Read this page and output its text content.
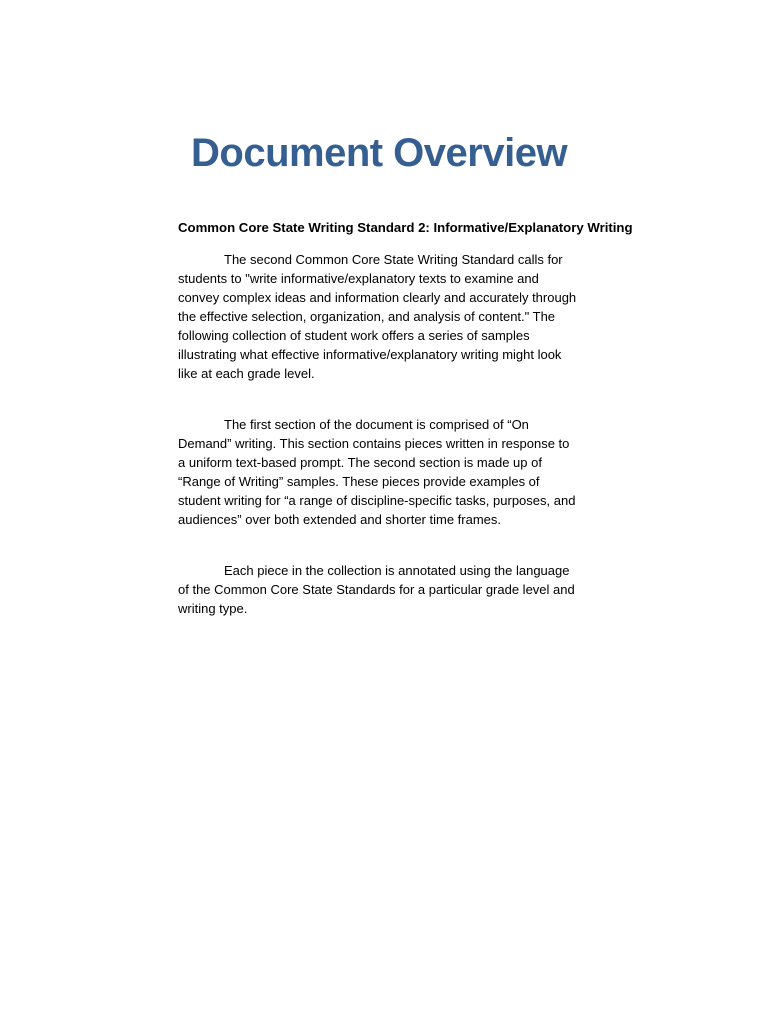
Document Overview

Common Core State Writing Standard 2: Informative/Explanatory Writing

The second Common Core State Writing Standard calls for students to "write informative/explanatory texts to examine and convey complex ideas and information clearly and accurately through the effective selection, organization, and analysis of content." The following collection of student work offers a series of samples illustrating what effective informative/explanatory writing might look like at each grade level.

The first section of the document is comprised of “On Demand” writing. This section contains pieces written in response to a uniform text-based prompt. The second section is made up of “Range of Writing” samples. These pieces provide examples of student writing for “a range of discipline-specific tasks, purposes, and audiences” over both extended and shorter time frames.

Each piece in the collection is annotated using the language of the Common Core State Standards for a particular grade level and writing type.
